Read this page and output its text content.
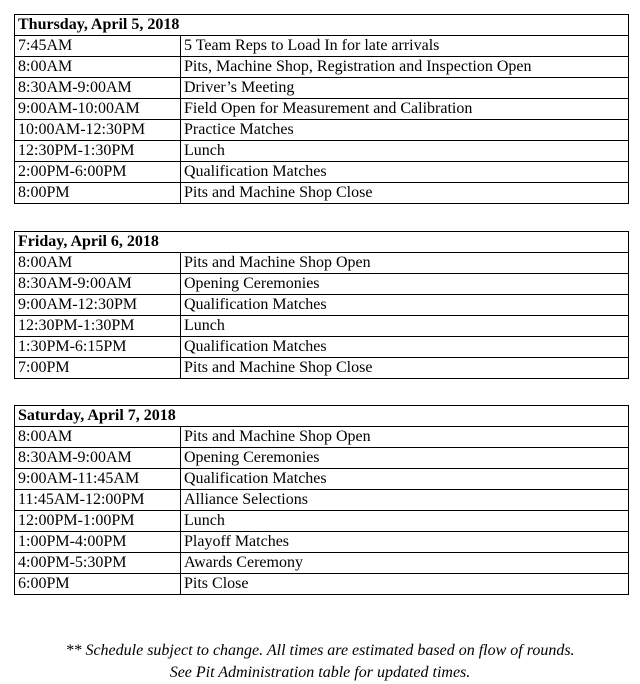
Thursday, April 5, 2018	
7:45AM	5 Team Reps to Load In for late arrivals
8:00AM	Pits, Machine Shop, Registration and Inspection Open
8:30AM-9:00AM	Driver’s Meeting
9:00AM-10:00AM	Field Open for Measurement and Calibration
10:00AM-12:30PM	Practice Matches
12:30PM-1:30PM	Lunch
2:00PM-6:00PM	Qualification Matches
8:00PM	Pits and Machine Shop Close
Friday, April 6, 2018	
8:00AM	Pits and Machine Shop Open
8:30AM-9:00AM	Opening Ceremonies
9:00AM-12:30PM	Qualification Matches
12:30PM-1:30PM	Lunch
1:30PM-6:15PM	Qualification Matches
7:00PM	Pits and Machine Shop Close
Saturday, April 7, 2018	
8:00AM	Pits and Machine Shop Open
8:30AM-9:00AM	Opening Ceremonies
9:00AM-11:45AM	Qualification Matches
11:45AM-12:00PM	Alliance Selections
12:00PM-1:00PM	Lunch
1:00PM-4:00PM	Playoff Matches
4:00PM-5:30PM	Awards Ceremony
6:00PM	Pits Close
** Schedule subject to change. All times are estimated based on flow of rounds.
See Pit Administration table for updated times.
